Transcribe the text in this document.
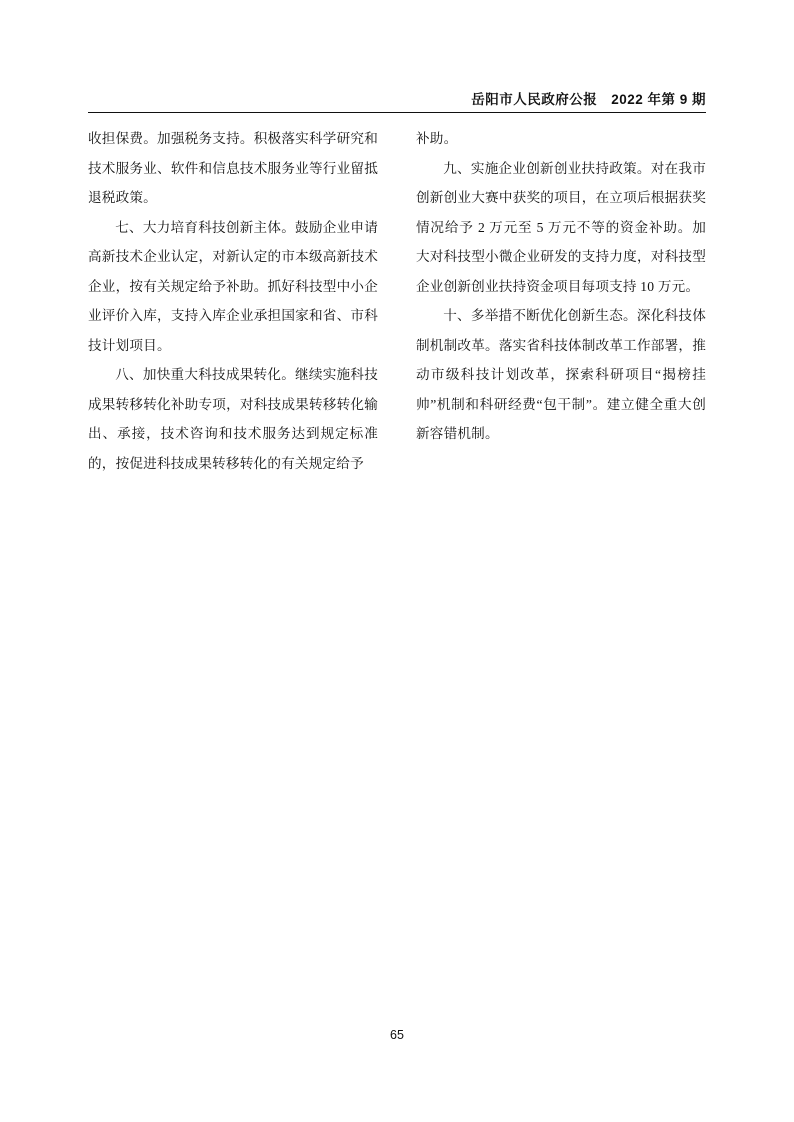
岳阳市人民政府公报 2022 年第 9 期

收担保费。加强税务支持。积极落实科学研究和技术服务业、软件和信息技术服务业等行业留抵退税政策。

七、大力培育科技创新主体。鼓励企业申请高新技术企业认定，对新认定的市本级高新技术企业，按有关规定给予补助。抓好科技型中小企业评价入库，支持入库企业承担国家和省、市科技计划项目。

八、加快重大科技成果转化。继续实施科技成果转移转化补助专项，对科技成果转移转化输出、承接，技术咨询和技术服务达到规定标准的，按促进科技成果转移转化的有关规定给予

补助。

九、实施企业创新创业扶持政策。对在我市创新创业大赛中获奖的项目，在立项后根据获奖情况给予 2 万元至 5 万元不等的资金补助。加大对科技型小微企业研发的支持力度，对科技型企业创新创业扶持资金项目每项支持 10 万元。

十、多举措不断优化创新生态。深化科技体制机制改革。落实省科技体制改革工作部署，推动市级科技计划改革，探索科研项目“揭榜挂帅”机制和科研经费“包干制”。建立健全重大创新容错机制。

65
